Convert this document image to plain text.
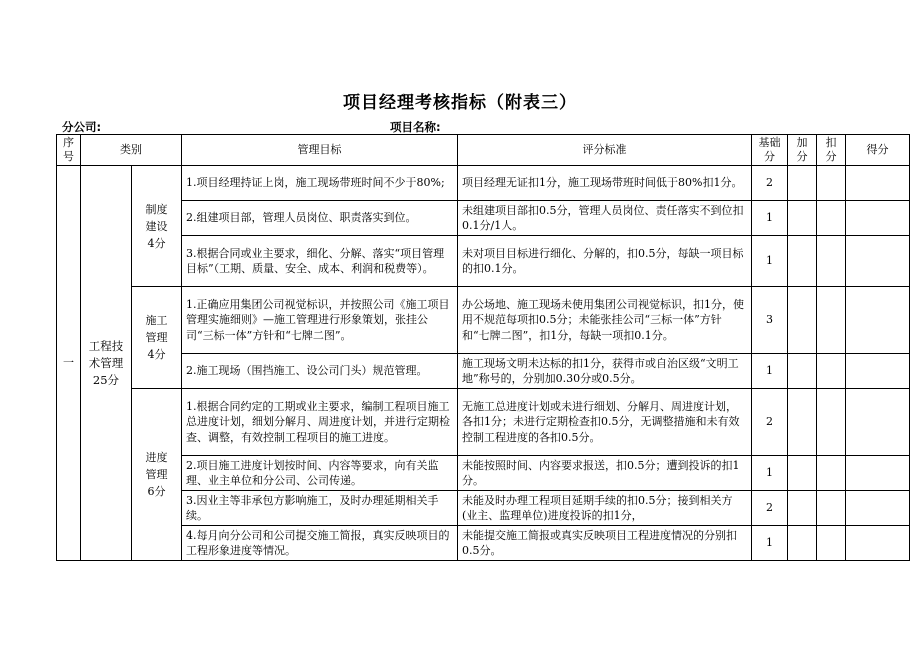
项目经理考核指标（附表三）
分公司:	项目名称:
序号	类别		管理目标	评分标准	基础分	加分	扣分	得分
一	工程技术管理25分	制度建设4分	1.项目经理持证上岗，施工现场带班时间不少于80%;	项目经理无证扣1分，施工现场带班时间低于80%扣1分。	2			
			2.组建项目部，管理人员岗位、职责落实到位。	未组建项目部扣0.5分，管理人员岗位、责任落实不到位扣0.1分/1人。	1			
			3.根据合同或业主要求，细化、分解、落实“项目管理目标”（工期、质量、安全、成本、利润和税费等）。	未对项目目标进行细化、分解的，扣0.5分，每缺一项目标的扣0.1分。	1			
		施工管理4分	1.正确应用集团公司视觉标识，并按照公司《施工项目管理实施细则》—施工管理进行形象策划，张挂公司“三标一体”方针和“七牌二图”。	办公场地、施工现场未使用集团公司视觉标识，扣1分，使用不规范每项扣0.5分；未能张挂公司“三标一体”方针和“七牌二图”，扣1分，每缺一项扣0.1分。	3			
			2.施工现场（围挡施工、设公司门头）规范管理。	施工现场文明未达标的扣1分，获得市或自治区级“文明工地”称号的，分别加0.30分或0.5分。	1			
		进度管理6分	1.根据合同约定的工期或业主要求，编制工程项目施工总进度计划，细划分解月、周进度计划，并进行定期检查、调整，有效控制工程项目的施工进度。	无施工总进度计划或未进行细划、分解月、周进度计划，各扣1分；未进行定期检查扣0.5分，无调整措施和未有效控制工程进度的各扣0.5分。	2			
			2.项目施工进度计划按时间、内容等要求，向有关监理、业主单位和分公司、公司传递。	未能按照时间、内容要求报送，扣0.5分；遭到投诉的扣1分。	1			
			3.因业主等非承包方影响施工，及时办理延期相关手续。	未能及时办理工程项目延期手续的扣0.5分；接到相关方(业主、监理单位)进度投诉的扣1分，	2			
			4.每月向分公司和公司提交施工简报，真实反映项目的工程形象进度等情况。	未能提交施工简报或真实反映项目工程进度情况的分别扣0.5分。	1			
